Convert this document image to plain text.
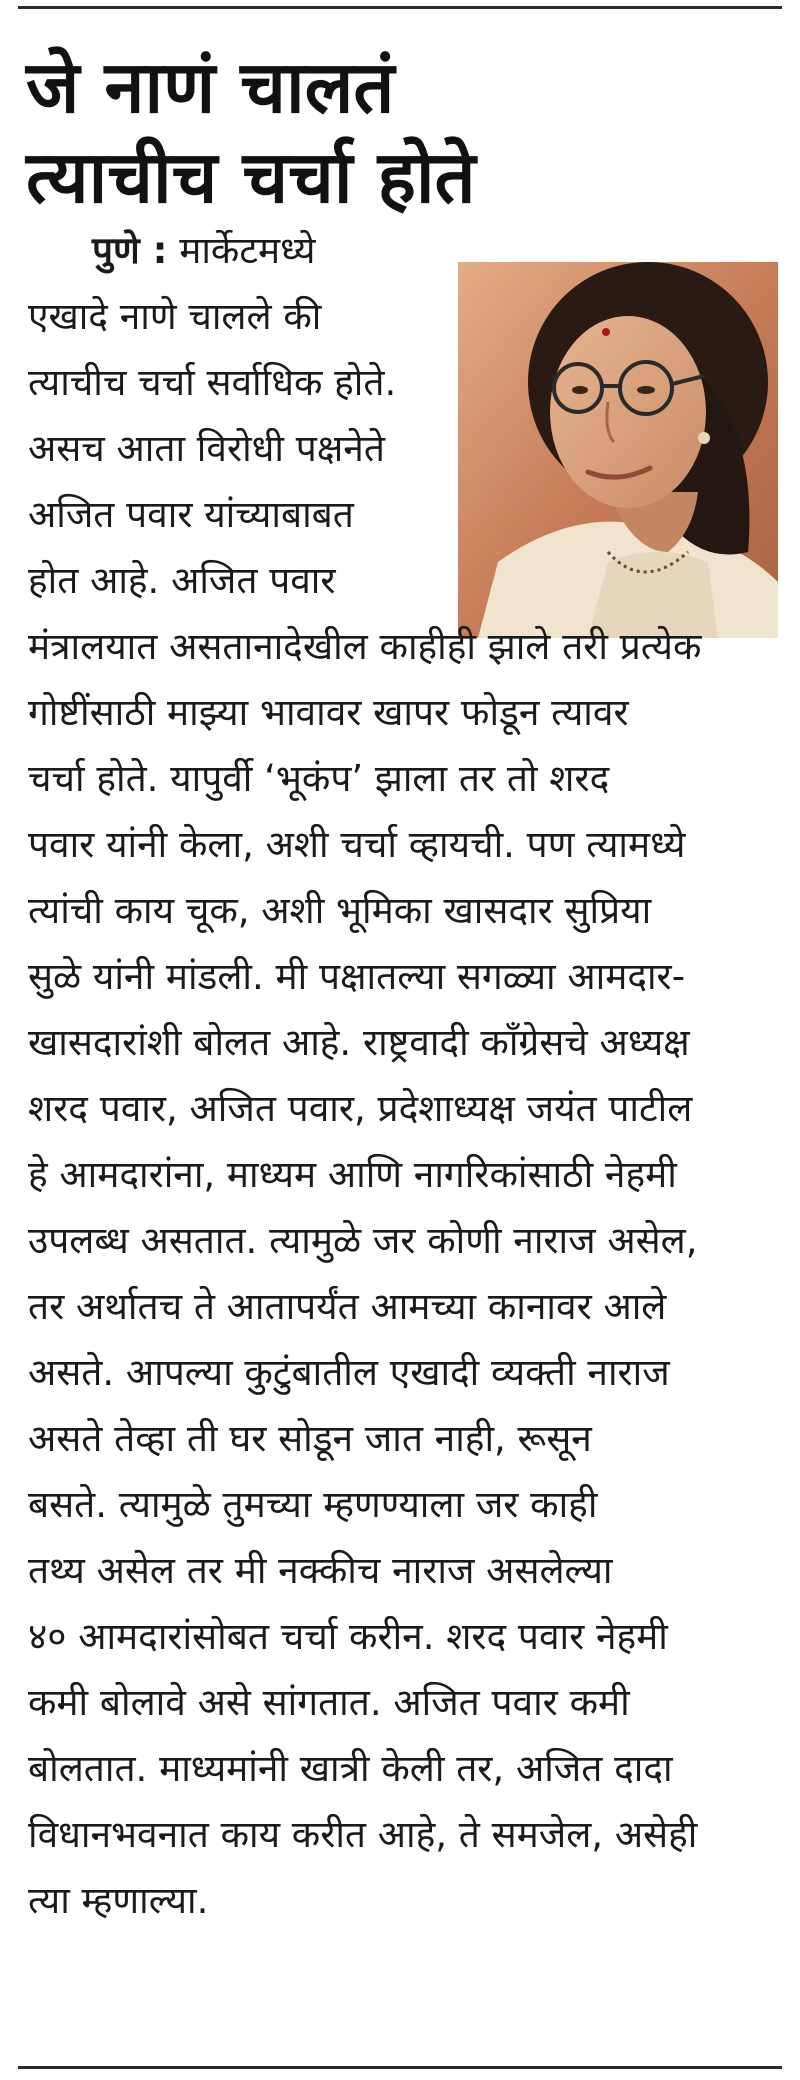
जे नाणं चालतं
त्याचीच चर्चा होते
पुणे : मार्केटमध्ये
एखादे नाणे चालले की
त्याचीच चर्चा सर्वाधिक होते.
असच आता विरोधी पक्षनेते
अजित पवार यांच्याबाबत
होत आहे. अजित पवार
मंत्रालयात असतानादेखील काहीही झाले तरी प्रत्येक
गोष्टींसाठी माझ्या भावावर खापर फोडून त्यावर
चर्चा होते. यापुर्वी ‘भूकंप’ झाला तर तो शरद
पवार यांनी केला, अशी चर्चा व्हायची. पण त्यामध्ये
त्यांची काय चूक, अशी भूमिका खासदार सुप्रिया
सुळे यांनी मांडली. मी पक्षातल्या सगळ्या आमदार-
खासदारांशी बोलत आहे. राष्ट्रवादी काँग्रेसचे अध्यक्ष
शरद पवार, अजित पवार, प्रदेशाध्यक्ष जयंत पाटील
हे आमदारांना, माध्यम आणि नागरिकांसाठी नेहमी
उपलब्ध असतात. त्यामुळे जर कोणी नाराज असेल,
तर अर्थातच ते आतापर्यंत आमच्या कानावर आले
असते. आपल्या कुटुंबातील एखादी व्यक्ती नाराज
असते तेव्हा ती घर सोडून जात नाही, रूसून
बसते. त्यामुळे तुमच्या म्हणण्याला जर काही
तथ्य असेल तर मी नक्कीच नाराज असलेल्या
४० आमदारांसोबत चर्चा करीन. शरद पवार नेहमी
कमी बोलावे असे सांगतात. अजित पवार कमी
बोलतात. माध्यमांनी खात्री केली तर, अजित दादा
विधानभवनात काय करीत आहे, ते समजेल, असेही
त्या म्हणाल्या.
